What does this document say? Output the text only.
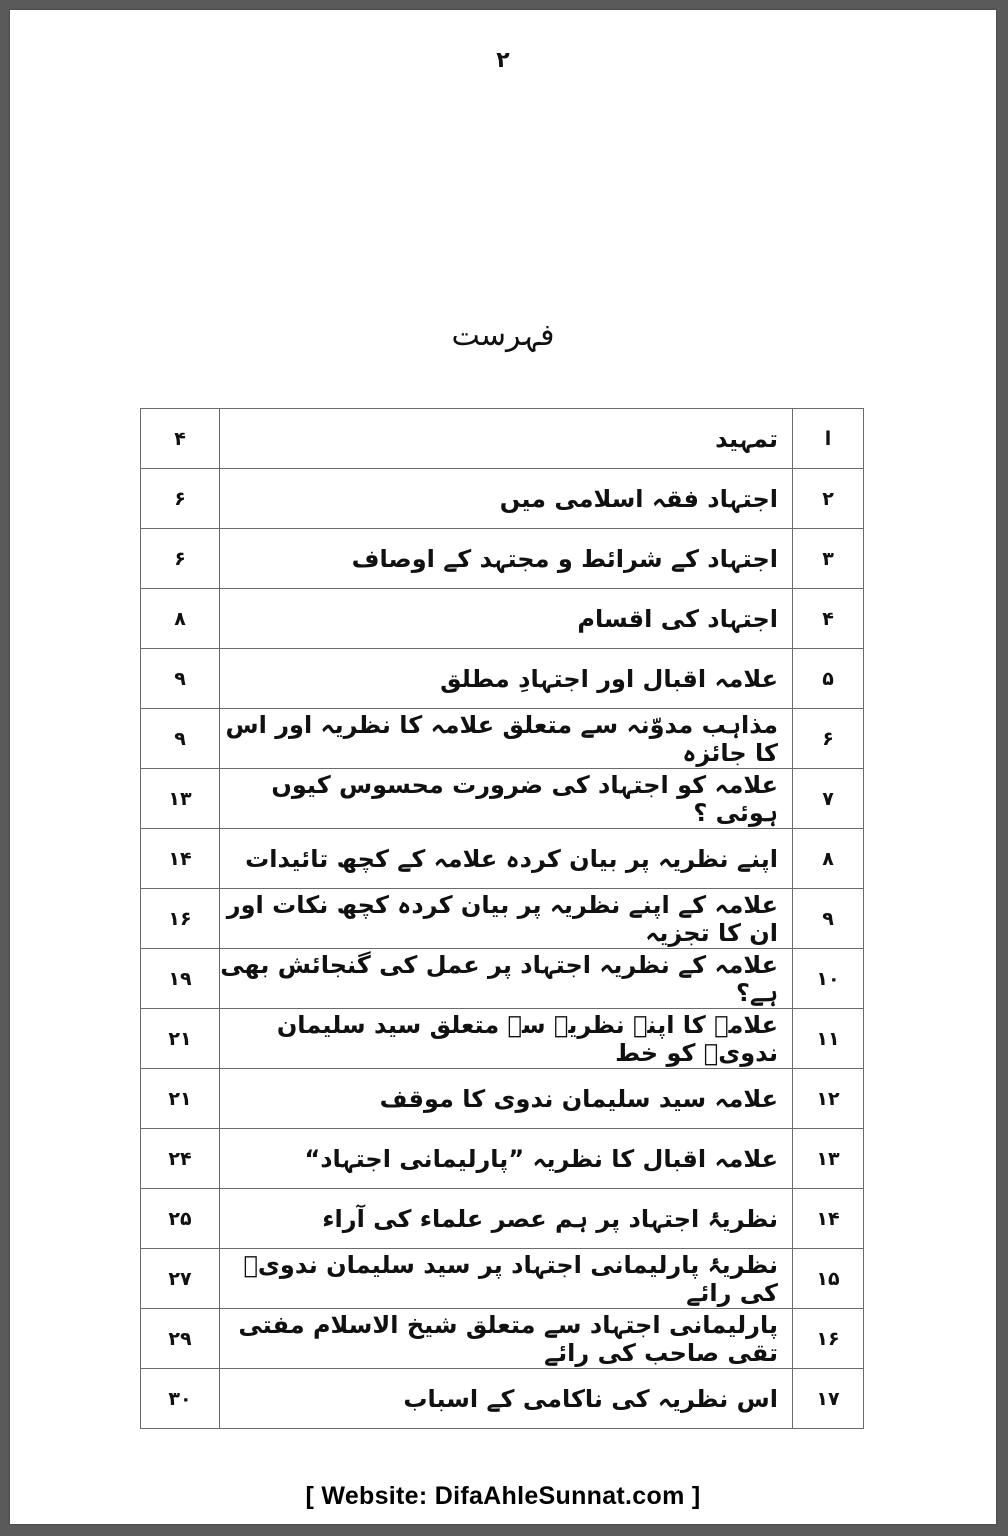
۲
فہرست
ا	تمہید	۴
۲	اجتہاد فقہ اسلامی میں	۶
۳	اجتہاد کے شرائط و مجتہد کے اوصاف	۶
۴	اجتہاد کی اقسام	۸
۵	علامہ اقبال اور اجتہادِ مطلق	۹
۶	مذاہب مدوّنہ سے متعلق علامہ کا نظریہ اور اس کا جائزہ	۹
۷	علامہ کو اجتہاد کی ضرورت محسوس کیوں ہوئی ؟	۱۳
۸	اپنے نظریہ پر بیان کردہ علامہ کے کچھ تائیدات	۱۴
۹	علامہ کے اپنے نظریہ پر بیان کردہ کچھ نکات اور ان کا تجزیہ	۱۶
۱۰	علامہ کے نظریہ اجتہاد پر عمل کی گنجائش بھی ہے؟	۱۹
۱۱	علامہ کا اپنے نظریہ سے متعلق سید سلیمان ندویؒ کو خط	۲۱
۱۲	علامہ سید سلیمان ندوی کا موقف	۲۱
۱۳	علامہ اقبال کا نظریہ ”پارلیمانی اجتہاد“	۲۴
۱۴	نظریۂ اجتہاد پر ہم عصر علماء کی آراء	۲۵
۱۵	نظریۂ پارلیمانی اجتہاد پر سید سلیمان ندویؒ کی رائے	۲۷
۱۶	پارلیمانی اجتہاد سے متعلق شیخ الاسلام مفتی تقی صاحب کی رائے	۲۹
۱۷	اس نظریہ کی ناکامی کے اسباب	۳۰
[ Website: DifaAhleSunnat.com ]
